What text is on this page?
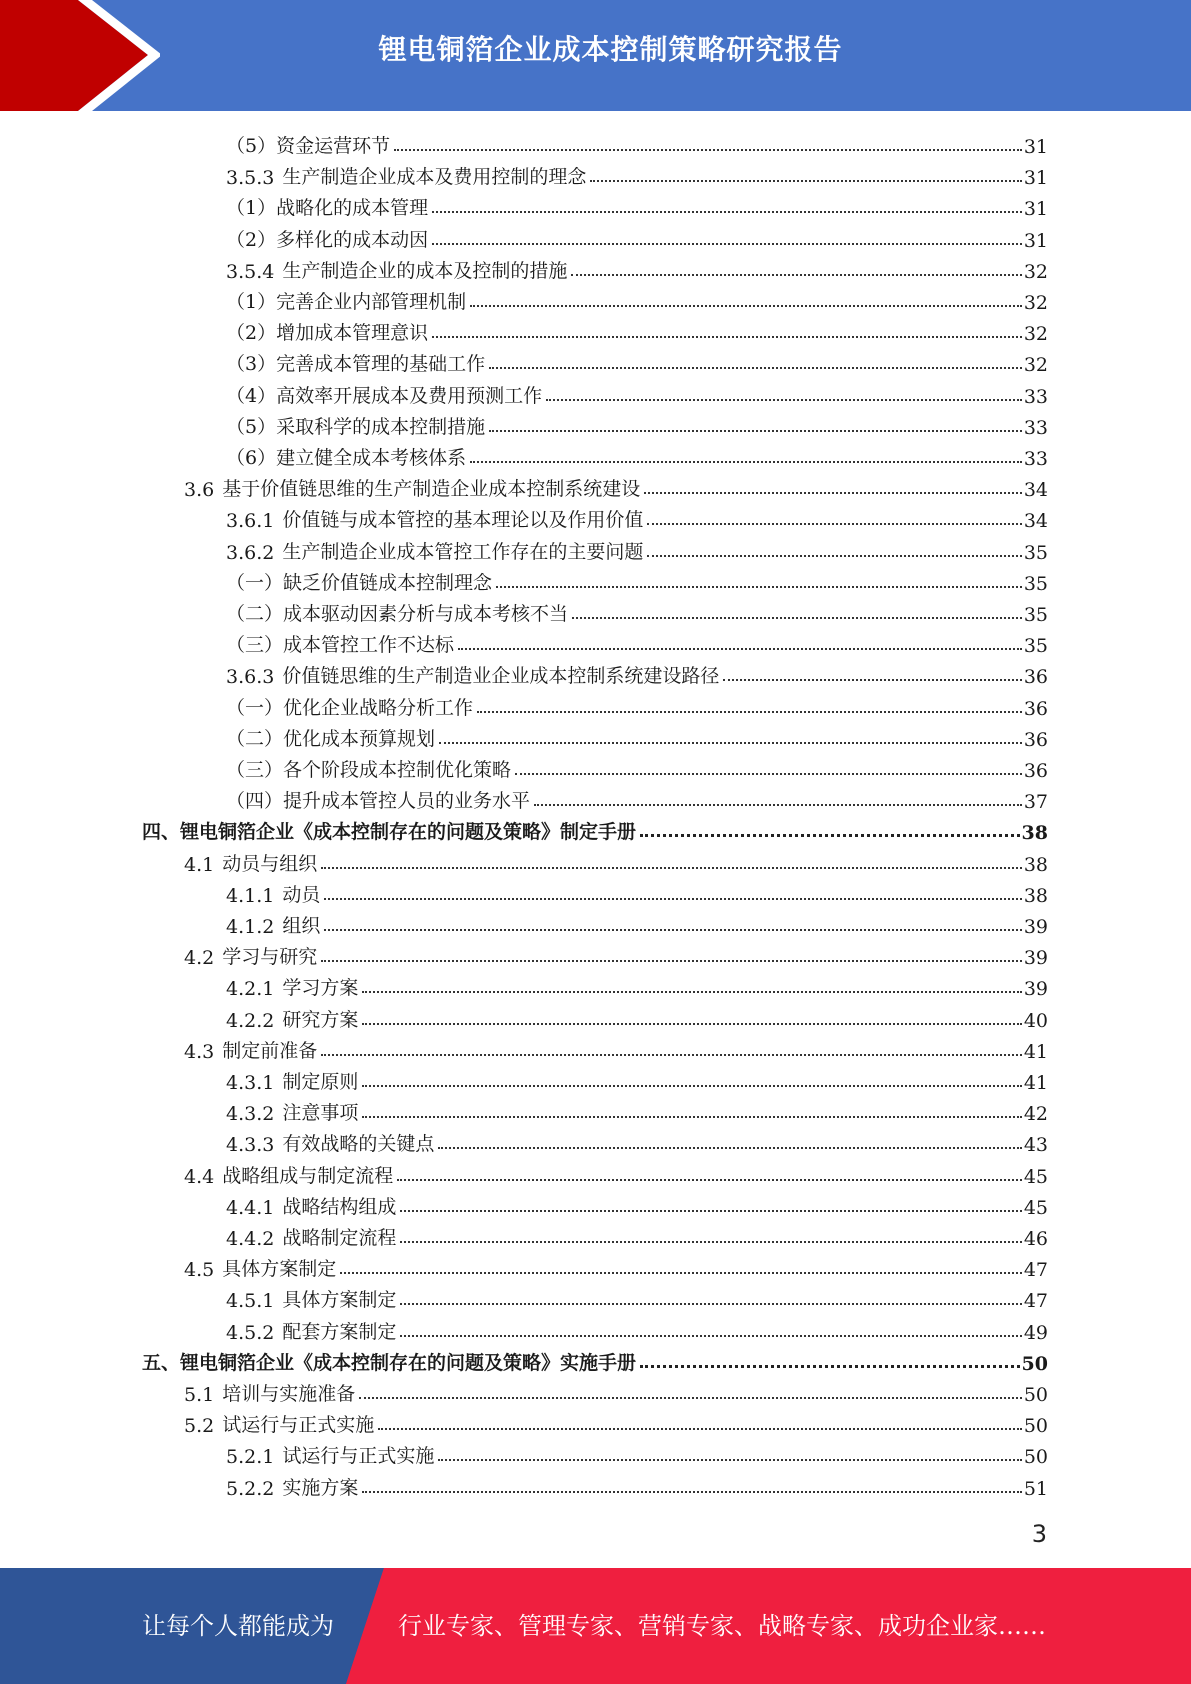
锂电铜箔企业成本控制策略研究报告
（5）资金运营环节	31
3.5.3 生产制造企业成本及费用控制的理念	31
（1）战略化的成本管理	31
（2）多样化的成本动因	31
3.5.4 生产制造企业的成本及控制的措施	32
（1）完善企业内部管理机制	32
（2）增加成本管理意识	32
（3）完善成本管理的基础工作	32
（4）高效率开展成本及费用预测工作	33
（5）采取科学的成本控制措施	33
（6）建立健全成本考核体系	33
3.6 基于价值链思维的生产制造企业成本控制系统建设	34
3.6.1 价值链与成本管控的基本理论以及作用价值	34
3.6.2 生产制造企业成本管控工作存在的主要问题	35
（一）缺乏价值链成本控制理念	35
（二）成本驱动因素分析与成本考核不当	35
（三）成本管控工作不达标	35
3.6.3 价值链思维的生产制造业企业成本控制系统建设路径	36
（一）优化企业战略分析工作	36
（二）优化成本预算规划	36
（三）各个阶段成本控制优化策略	36
（四）提升成本管控人员的业务水平	37
四、锂电铜箔企业《成本控制存在的问题及策略》制定手册	38
4.1 动员与组织	38
4.1.1 动员	38
4.1.2 组织	39
4.2 学习与研究	39
4.2.1 学习方案	39
4.2.2 研究方案	40
4.3 制定前准备	41
4.3.1 制定原则	41
4.3.2 注意事项	42
4.3.3 有效战略的关键点	43
4.4 战略组成与制定流程	45
4.4.1 战略结构组成	45
4.4.2 战略制定流程	46
4.5 具体方案制定	47
4.5.1 具体方案制定	47
4.5.2 配套方案制定	49
五、锂电铜箔企业《成本控制存在的问题及策略》实施手册	50
5.1 培训与实施准备	50
5.2 试运行与正式实施	50
5.2.1 试运行与正式实施	50
5.2.2 实施方案	51
3
让每个人都能成为	行业专家、管理专家、营销专家、战略专家、成功企业家……
